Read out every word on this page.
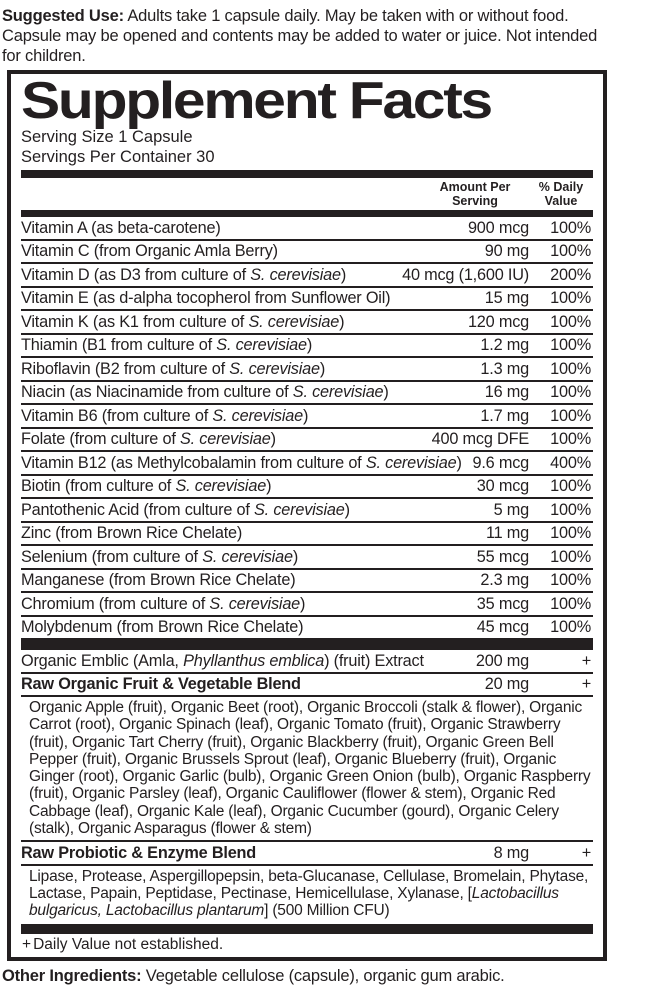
Suggested Use: Adults take 1 capsule daily. May be taken with or without food. Capsule may be opened and contents may be added to water or juice. Not intended for children.
Supplement Facts
Serving Size 1 Capsule
Servings Per Container 30
Amount Per Serving
% Daily Value
Vitamin A (as beta-carotene)	900 mcg	100%
Vitamin C (from Organic Amla Berry)	90 mg	100%
Vitamin D (as D3 from culture of S. cerevisiae)	40 mcg (1,600 IU)	200%
Vitamin E (as d-alpha tocopherol from Sunflower Oil)	15 mg	100%
Vitamin K (as K1 from culture of S. cerevisiae)	120 mcg	100%
Thiamin (B1 from culture of S. cerevisiae)	1.2 mg	100%
Riboflavin (B2 from culture of S. cerevisiae)	1.3 mg	100%
Niacin (as Niacinamide from culture of S. cerevisiae)	16 mg	100%
Vitamin B6 (from culture of S. cerevisiae)	1.7 mg	100%
Folate (from culture of S. cerevisiae)	400 mcg DFE	100%
Vitamin B12 (as Methylcobalamin from culture of S. cerevisiae) 9.6 mcg	400%
Biotin (from culture of S. cerevisiae)	30 mcg	100%
Pantothenic Acid (from culture of S. cerevisiae)	5 mg	100%
Zinc (from Brown Rice Chelate)	11 mg	100%
Selenium (from culture of S. cerevisiae)	55 mcg	100%
Manganese (from Brown Rice Chelate)	2.3 mg	100%
Chromium (from culture of S. cerevisiae)	35 mcg	100%
Molybdenum (from Brown Rice Chelate)	45 mcg	100%
Organic Emblic (Amla, Phyllanthus emblica) (fruit) Extract	200 mg	+
Raw Organic Fruit & Vegetable Blend	20 mg	+
Organic Apple (fruit), Organic Beet (root), Organic Broccoli (stalk & flower), Organic Carrot (root), Organic Spinach (leaf), Organic Tomato (fruit), Organic Strawberry (fruit), Organic Tart Cherry (fruit), Organic Blackberry (fruit), Organic Green Bell Pepper (fruit), Organic Brussels Sprout (leaf), Organic Blueberry (fruit), Organic Ginger (root), Organic Garlic (bulb), Organic Green Onion (bulb), Organic Raspberry (fruit), Organic Parsley (leaf), Organic Cauliflower (flower & stem), Organic Red Cabbage (leaf), Organic Kale (leaf), Organic Cucumber (gourd), Organic Celery (stalk), Organic Asparagus (flower & stem)
Raw Probiotic & Enzyme Blend	8 mg	+
Lipase, Protease, Aspergillopepsin, beta-Glucanase, Cellulase, Bromelain, Phytase, Lactase, Papain, Peptidase, Pectinase, Hemicellulase, Xylanase, [Lactobacillus bulgaricus, Lactobacillus plantarum] (500 Million CFU)
+ Daily Value not established.
Other Ingredients: Vegetable cellulose (capsule), organic gum arabic.
